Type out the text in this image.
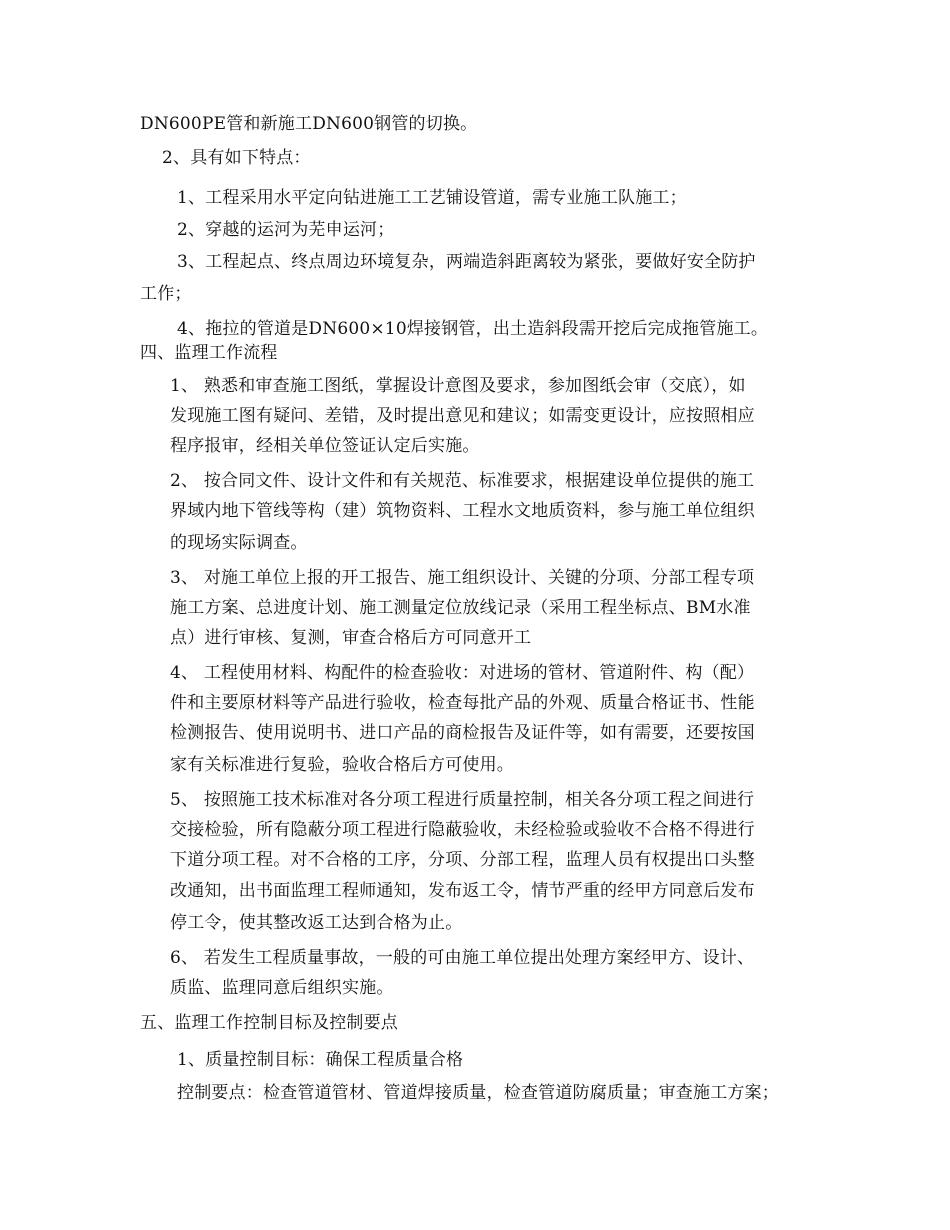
DN600PE管和新施工DN600钢管的切换。
2、具有如下特点：
1、工程采用水平定向钻进施工工艺铺设管道，需专业施工队施工；
2、穿越的运河为芜申运河；
3、工程起点、终点周边环境复杂，两端造斜距离较为紧张，要做好安全防护
工作；
4、拖拉的管道是DN600×10焊接钢管，出土造斜段需开挖后完成拖管施工。
四、监理工作流程
1、 熟悉和审查施工图纸，掌握设计意图及要求，参加图纸会审（交底），如
发现施工图有疑问、差错，及时提出意见和建议；如需变更设计，应按照相应
程序报审，经相关单位签证认定后实施。
2、 按合同文件、设计文件和有关规范、标准要求，根据建设单位提供的施工
界域内地下管线等构（建）筑物资料、工程水文地质资料，参与施工单位组织
的现场实际调查。
3、 对施工单位上报的开工报告、施工组织设计、关键的分项、分部工程专项
施工方案、总进度计划、施工测量定位放线记录（采用工程坐标点、BM水准
点）进行审核、复测，审查合格后方可同意开工
4、 工程使用材料、构配件的检查验收：对进场的管材、管道附件、构（配）
件和主要原材料等产品进行验收，检查每批产品的外观、质量合格证书、性能
检测报告、使用说明书、进口产品的商检报告及证件等，如有需要，还要按国
家有关标准进行复验，验收合格后方可使用。
5、 按照施工技术标准对各分项工程进行质量控制，相关各分项工程之间进行
交接检验，所有隐蔽分项工程进行隐蔽验收，未经检验或验收不合格不得进行
下道分项工程。对不合格的工序，分项、分部工程，监理人员有权提出口头整
改通知，出书面监理工程师通知，发布返工令，情节严重的经甲方同意后发布
停工令，使其整改返工达到合格为止。
6、 若发生工程质量事故，一般的可由施工单位提出处理方案经甲方、设计、
质监、监理同意后组织实施。
五、监理工作控制目标及控制要点
1、质量控制目标：确保工程质量合格
控制要点：检查管道管材、管道焊接质量，检查管道防腐质量；审查施工方案；
